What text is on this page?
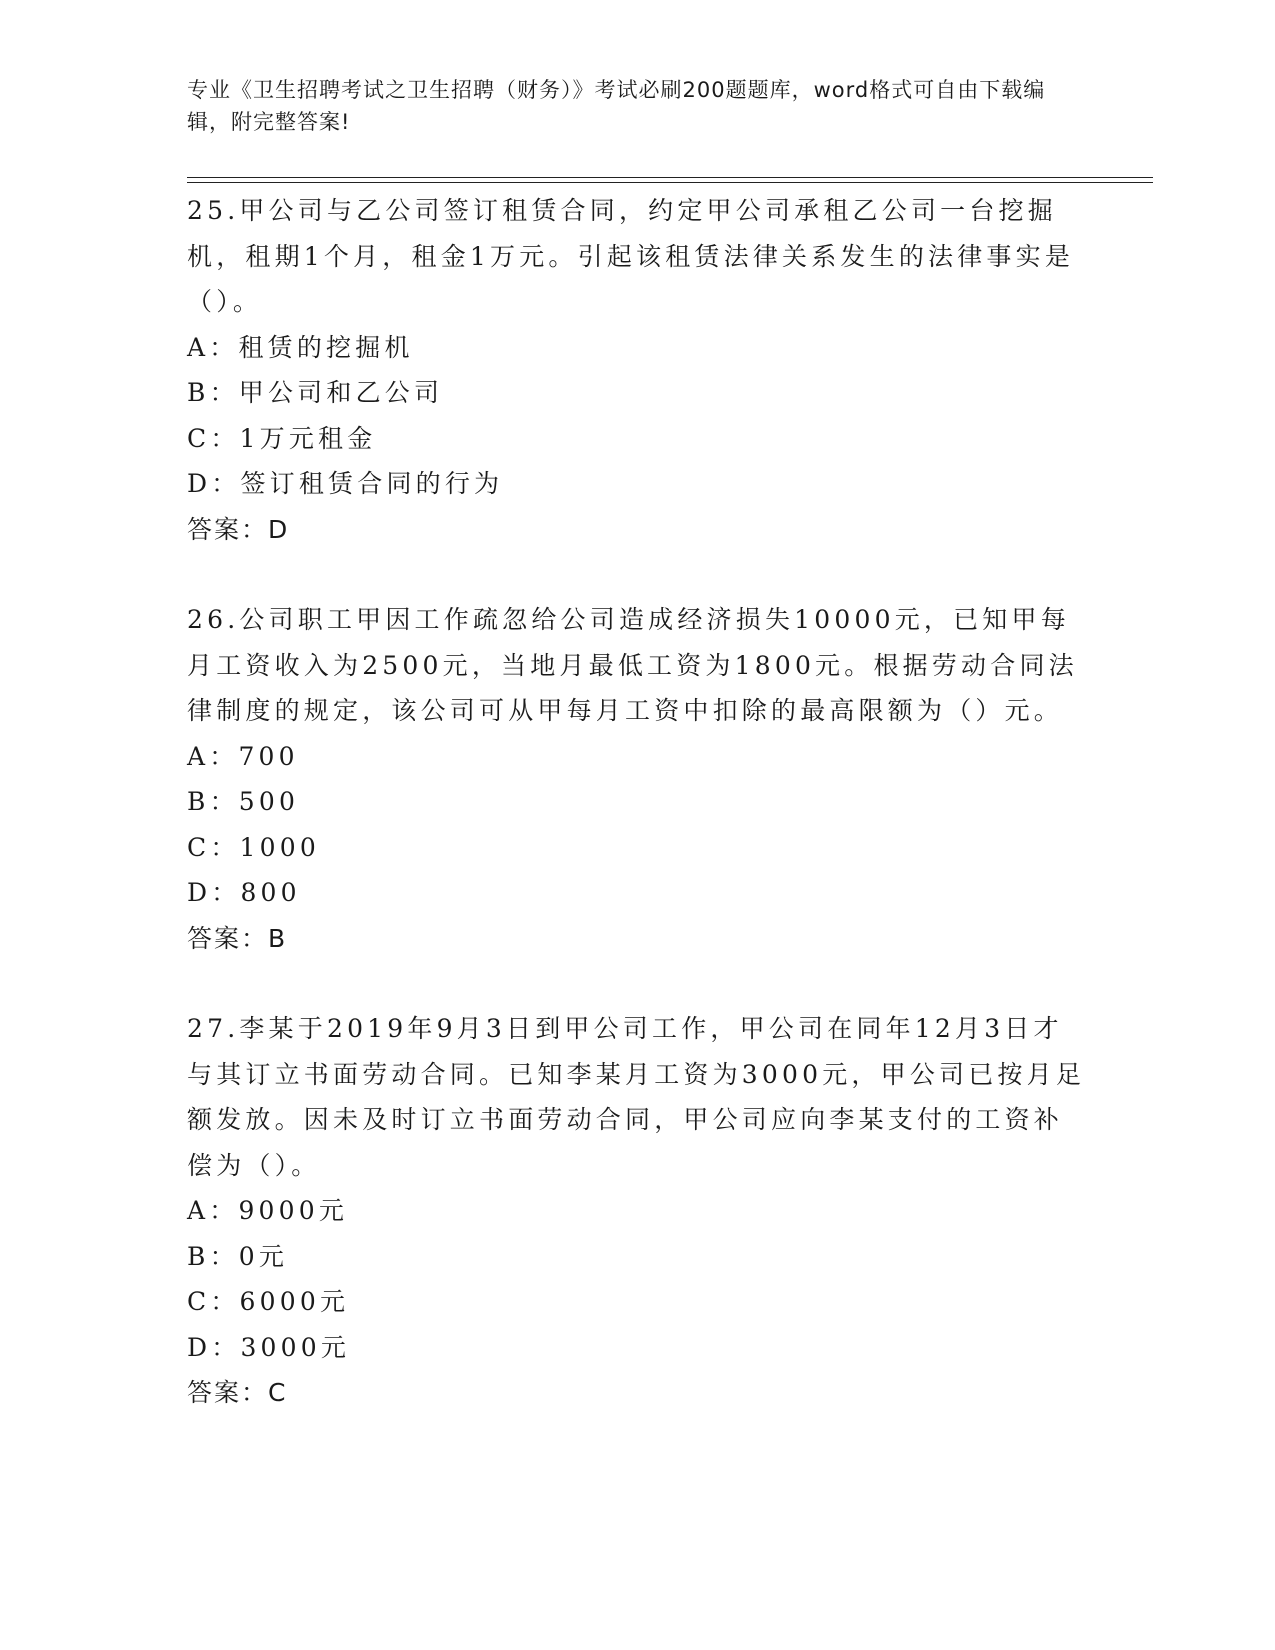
专业《卫生招聘考试之卫生招聘（财务）》考试必刷200题题库，word格式可自由下载编辑，附完整答案!

25.甲公司与乙公司签订租赁合同，约定甲公司承租乙公司一台挖掘机，租期1个月，租金1万元。引起该租赁法律关系发生的法律事实是（）。

A：租赁的挖掘机

B：甲公司和乙公司

C：1万元租金

D：签订租赁合同的行为

答案：D

26.公司职工甲因工作疏忽给公司造成经济损失10000元，已知甲每月工资收入为2500元，当地月最低工资为1800元。根据劳动合同法律制度的规定，该公司可从甲每月工资中扣除的最高限额为（）元。

A：700

B：500

C：1000

D：800

答案：B

27.李某于2019年9月3日到甲公司工作，甲公司在同年12月3日才与其订立书面劳动合同。已知李某月工资为3000元，甲公司已按月足额发放。因未及时订立书面劳动合同，甲公司应向李某支付的工资补偿为（）。

A：9000元

B：0元

C：6000元

D：3000元

答案：C
